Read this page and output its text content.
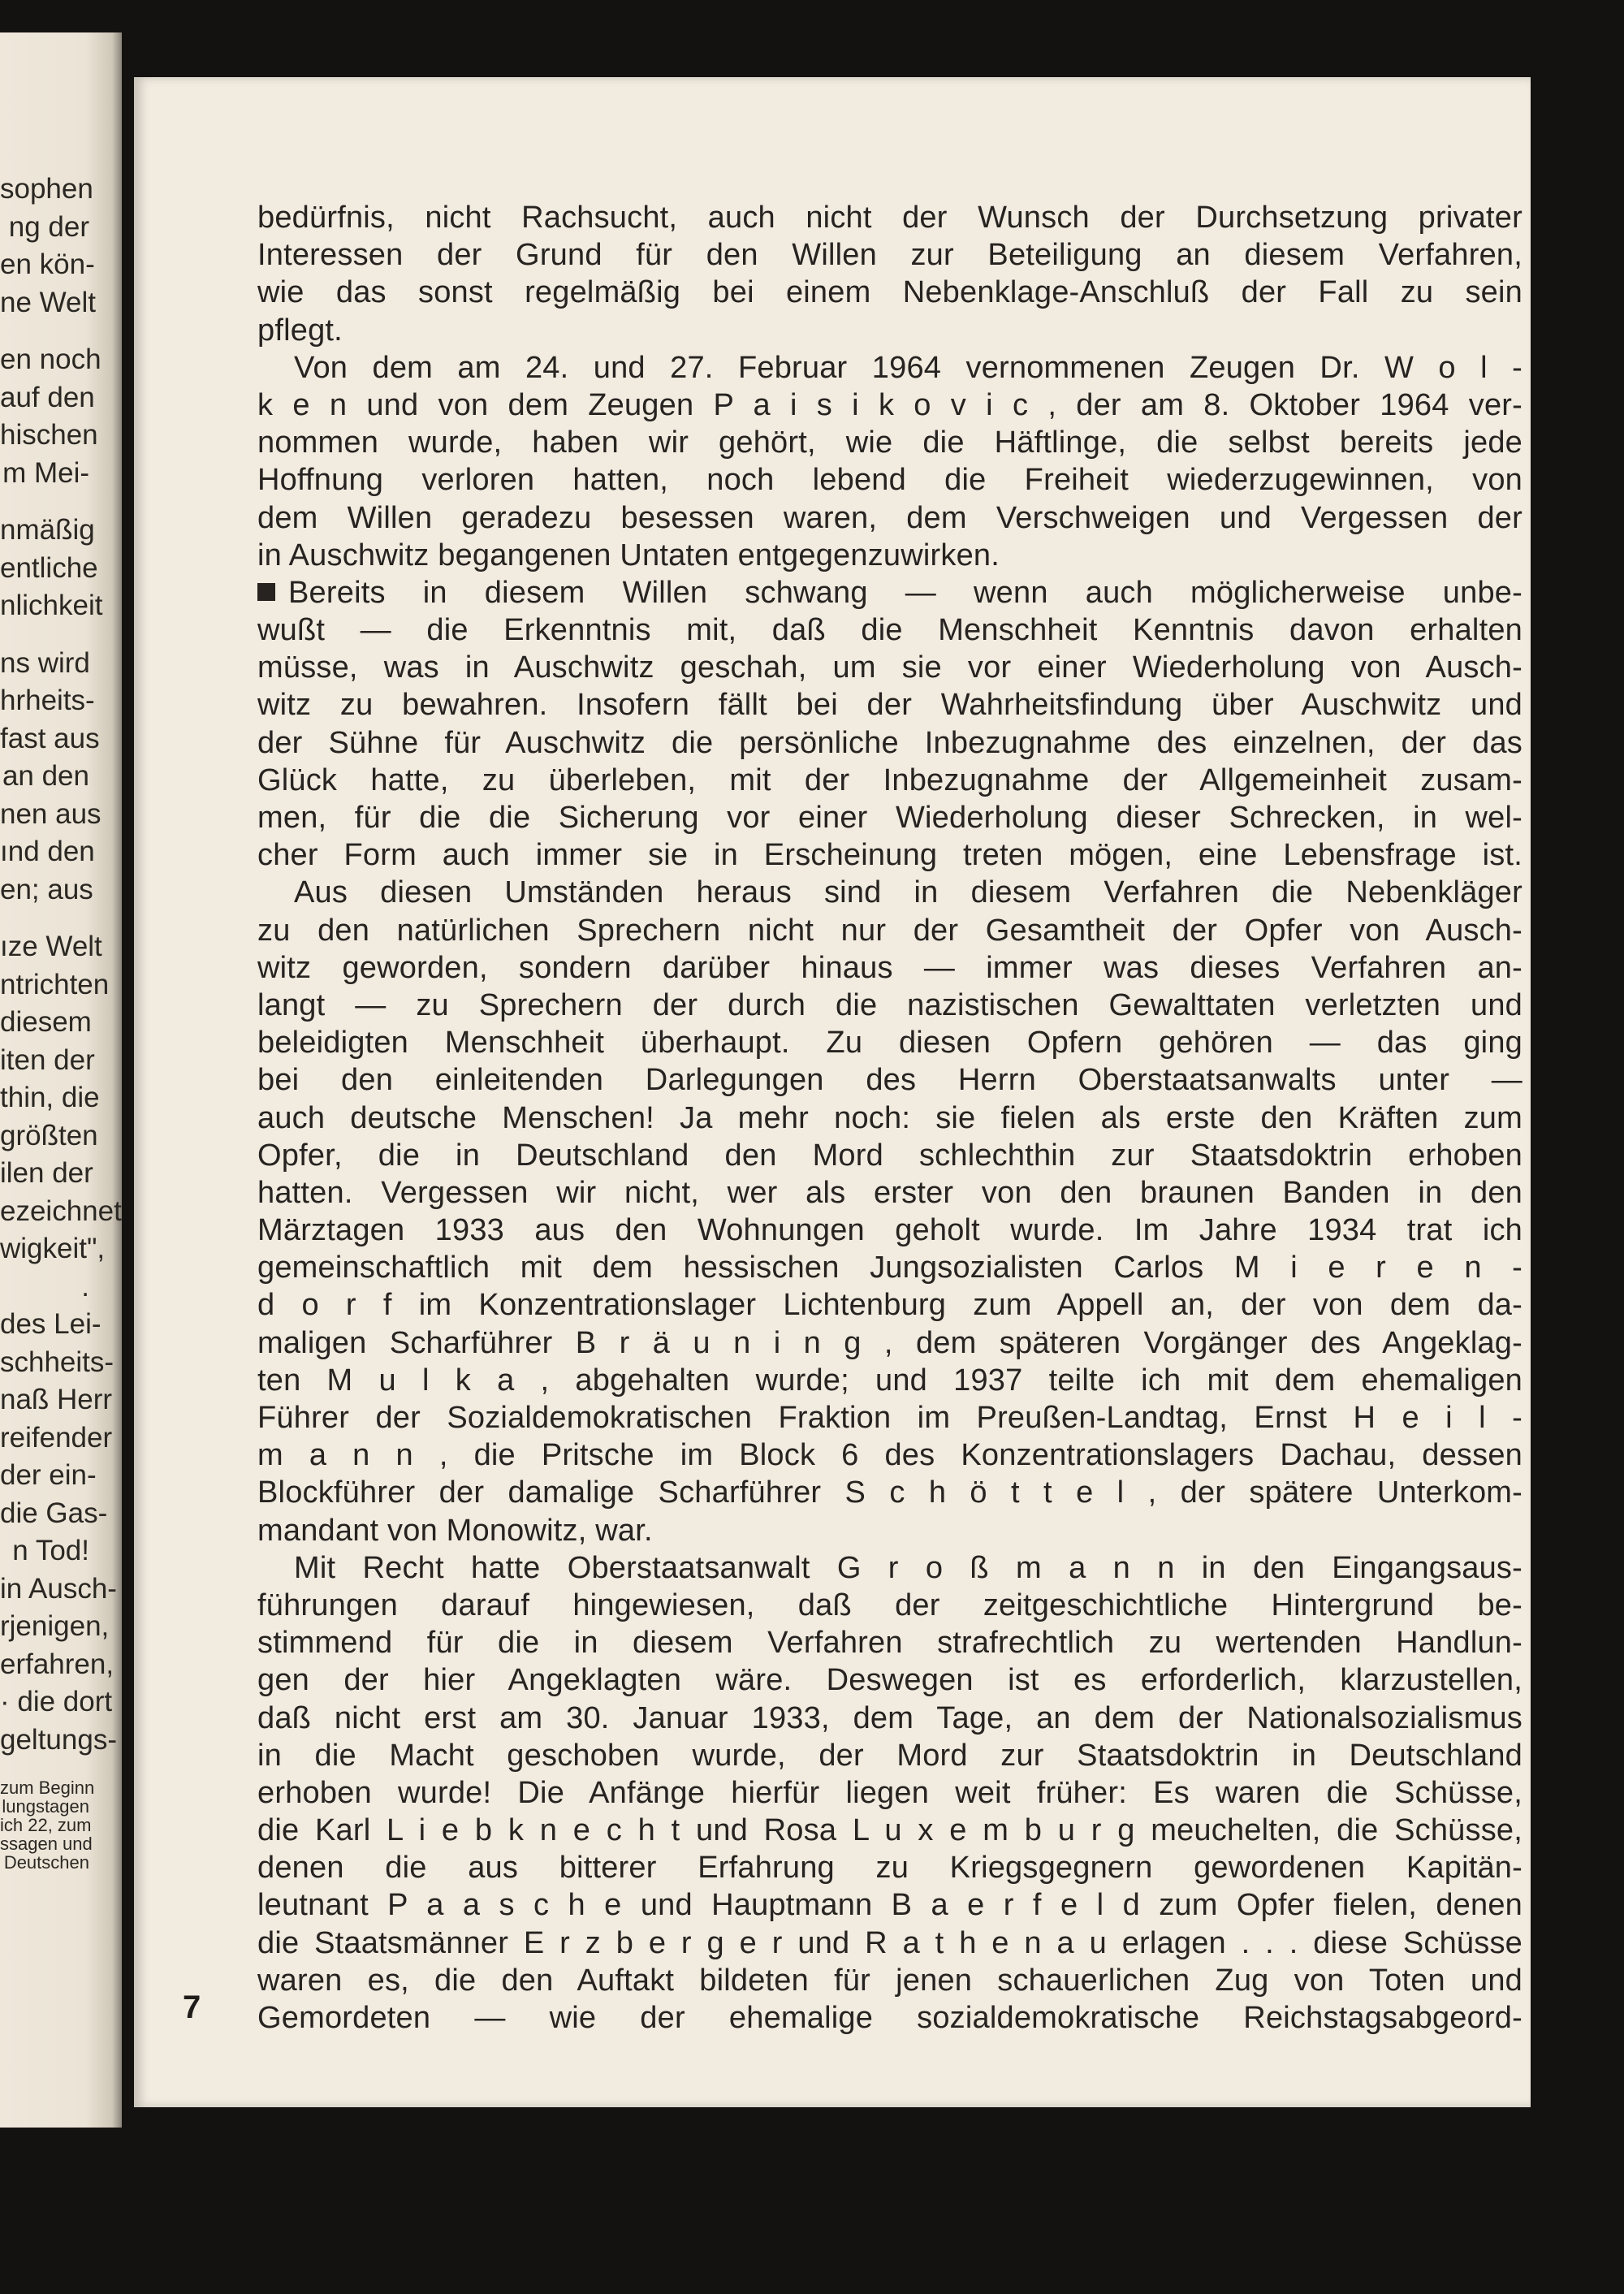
sophen
ng der
en kön-
ne Welt
en noch
auf den
hischen
m Mei-
nmäßig
entliche
nlichkeit
ns wird
hrheits-
fast aus
an den
nen aus
ınd den
en; aus
ıze Welt
ntrichten
diesem
iten der
thin, die
größten
ilen der
ezeichnet
wigkeit",
.
des Lei-
schheits-
naß Herr
reifender
der ein-
die Gas-
n Tod!
in Ausch-
rjenigen,
erfahren,
· die dort
geltungs-
zum Beginn
lungstagen
ich 22, zum
ssagen und
Deutschen
bedürfnis, nicht Rachsucht, auch nicht der Wunsch der Durchsetzung privater
Interessen der Grund für den Willen zur Beteiligung an diesem Verfahren,
wie das sonst regelmäßig bei einem Nebenklage-Anschluß der Fall zu sein
pflegt.
Von dem am 24. und 27. Februar 1964 vernommenen Zeugen Dr. W o l -
k e n und von dem Zeugen P a i s i k o v i c , der am 8. Oktober 1964 ver-
nommen wurde, haben wir gehört, wie die Häftlinge, die selbst bereits jede
Hoffnung verloren hatten, noch lebend die Freiheit wiederzugewinnen, von
dem Willen geradezu besessen waren, dem Verschweigen und Vergessen der
in Auschwitz begangenen Untaten entgegenzuwirken.
Bereits in diesem Willen schwang — wenn auch möglicherweise unbe-
wußt — die Erkenntnis mit, daß die Menschheit Kenntnis davon erhalten
müsse, was in Auschwitz geschah, um sie vor einer Wiederholung von Ausch-
witz zu bewahren. Insofern fällt bei der Wahrheitsfindung über Auschwitz und
der Sühne für Auschwitz die persönliche Inbezugnahme des einzelnen, der das
Glück hatte, zu überleben, mit der Inbezugnahme der Allgemeinheit zusam-
men, für die die Sicherung vor einer Wiederholung dieser Schrecken, in wel-
cher Form auch immer sie in Erscheinung treten mögen, eine Lebensfrage ist.
Aus diesen Umständen heraus sind in diesem Verfahren die Nebenkläger
zu den natürlichen Sprechern nicht nur der Gesamtheit der Opfer von Ausch-
witz geworden, sondern darüber hinaus — immer was dieses Verfahren an-
langt — zu Sprechern der durch die nazistischen Gewalttaten verletzten und
beleidigten Menschheit überhaupt. Zu diesen Opfern gehören — das ging
bei den einleitenden Darlegungen des Herrn Oberstaatsanwalts unter —
auch deutsche Menschen! Ja mehr noch: sie fielen als erste den Kräften zum
Opfer, die in Deutschland den Mord schlechthin zur Staatsdoktrin erhoben
hatten. Vergessen wir nicht, wer als erster von den braunen Banden in den
Märztagen 1933 aus den Wohnungen geholt wurde. Im Jahre 1934 trat ich
gemeinschaftlich mit dem hessischen Jungsozialisten Carlos M i e r e n -
d o r f im Konzentrationslager Lichtenburg zum Appell an, der von dem da-
maligen Scharführer B r ä u n i n g , dem späteren Vorgänger des Angeklag-
ten M u l k a , abgehalten wurde; und 1937 teilte ich mit dem ehemaligen
Führer der Sozialdemokratischen Fraktion im Preußen-Landtag, Ernst H e i l -
m a n n , die Pritsche im Block 6 des Konzentrationslagers Dachau, dessen
Blockführer der damalige Scharführer S c h ö t t e l , der spätere Unterkom-
mandant von Monowitz, war.
Mit Recht hatte Oberstaatsanwalt G r o ß m a n n in den Eingangsaus-
führungen darauf hingewiesen, daß der zeitgeschichtliche Hintergrund be-
stimmend für die in diesem Verfahren strafrechtlich zu wertenden Handlun-
gen der hier Angeklagten wäre. Deswegen ist es erforderlich, klarzustellen,
daß nicht erst am 30. Januar 1933, dem Tage, an dem der Nationalsozialismus
in die Macht geschoben wurde, der Mord zur Staatsdoktrin in Deutschland
erhoben wurde! Die Anfänge hierfür liegen weit früher: Es waren die Schüsse,
die Karl L i e b k n e c h t und Rosa L u x e m b u r g meuchelten, die Schüsse,
denen die aus bitterer Erfahrung zu Kriegsgegnern gewordenen Kapitän-
leutnant P a a s c h e und Hauptmann B a e r f e l d zum Opfer fielen, denen
die Staatsmänner E r z b e r g e r und R a t h e n a u erlagen . . . diese Schüsse
waren es, die den Auftakt bildeten für jenen schauerlichen Zug von Toten und
Gemordeten — wie der ehemalige sozialdemokratische Reichstagsabgeord-
7
